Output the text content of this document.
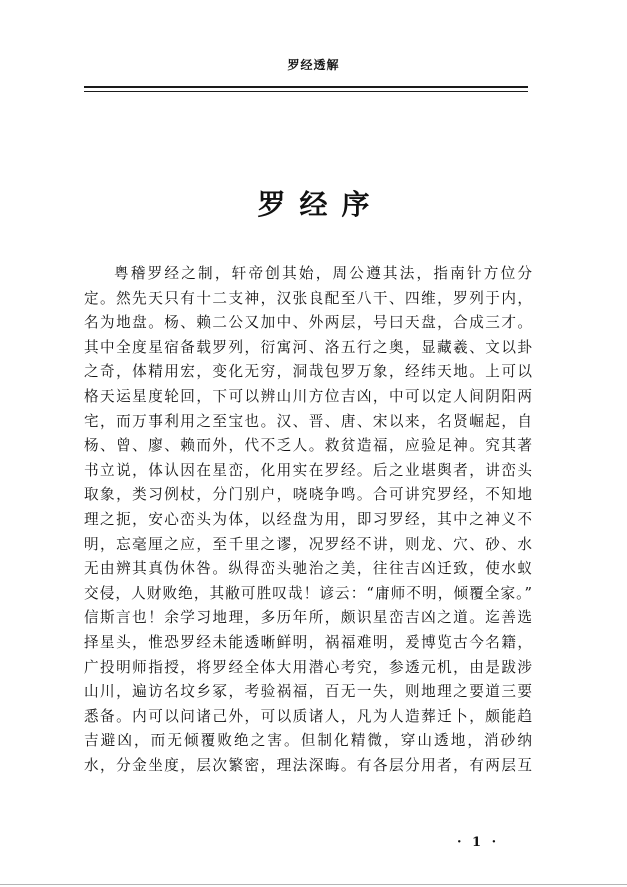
罗经透解
罗经序
粤稽罗经之制，轩帝创其始，周公遵其法，指南针方位分
定。然先天只有十二支神，汉张良配至八干、四维，罗列于内，
名为地盘。杨、赖二公又加中、外两层，号曰天盘，合成三才。
其中全度星宿备载罗列，衍寓河、洛五行之奥，显藏羲、文以卦
之奇，体精用宏，变化无穷，洞哉包罗万象，经纬天地。上可以
格天运星度轮回，下可以辨山川方位吉凶，中可以定人间阴阳两
宅，而万事利用之至宝也。汉、晋、唐、宋以来，名贤崛起，自
杨、曾、廖、赖而外，代不乏人。救贫造福，应验足神。究其著
书立说，体认因在星峦，化用实在罗经。后之业堪舆者，讲峦头
取象，类习例杖，分门别户，哓哓争鸣。合可讲究罗经，不知地
理之扼，安心峦头为体，以经盘为用，即习罗经，其中之神义不
明，忘毫厘之应，至千里之谬，况罗经不讲，则龙、穴、砂、水
无由辨其真伪休咎。纵得峦头驰治之美，往往吉凶迁致，使水蚁
交侵，人财败绝，其敝可胜叹哉！谚云：“庸师不明，倾覆全家。”
信斯言也！余学习地理，多历年所，颇识星峦吉凶之道。迄善选
择星头，惟恐罗经未能透晰鲜明，祸福难明，爰博览古今名籍，
广投明师指授，将罗经全体大用潜心考究，参透元机，由是跋涉
山川，遍访名坟乡冢，考验祸福，百无一失，则地理之要道三要
悉备。内可以问诸己外，可以质诸人，凡为人造葬迁卜，颇能趋
吉避凶，而无倾覆败绝之害。但制化精微，穿山透地，消砂纳
水，分金坐度，层次繁密，理法深晦。有各层分用者，有两层互
· 1 ·
